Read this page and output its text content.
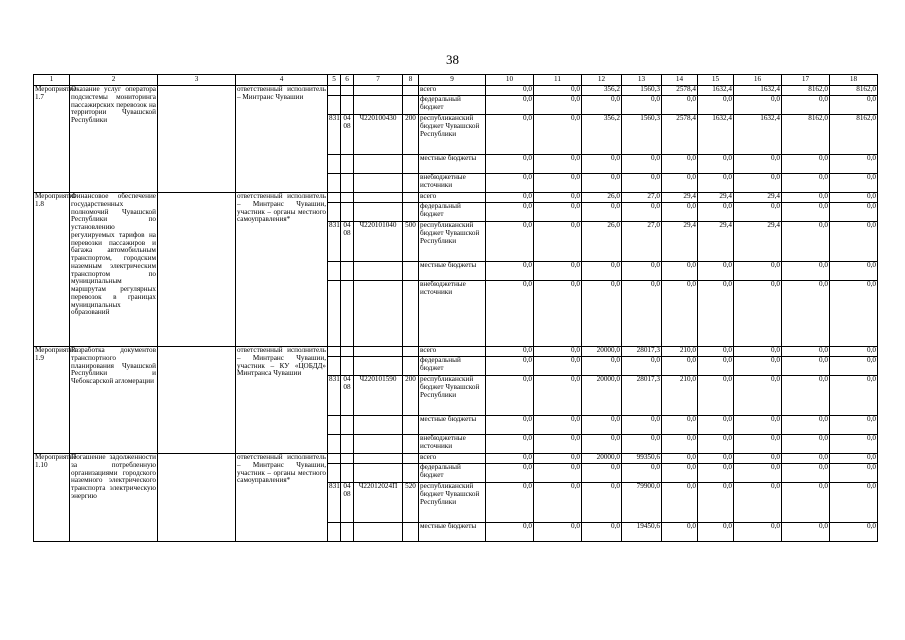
38
1	2	3	4	5	6	7	8	9	10	11	12	13	14	15	16	17	18
Мероприятие 1.7	Оказание услуг оператора подсистемы мониторинга пассажирских перевозок на территории Чувашской Республики		ответственный исполнитель – Минтранс Чувашии					всего	0,0	0,0	356,2	1560,3	2578,4	1632,4	1632,4	8162,0	8162,0
								федеральный бюджет	0,0	0,0	0,0	0,0	0,0	0,0	0,0	0,0	0,0
				831	04 08	Ч220100430	200	республиканский бюджет Чувашской Республики	0,0	0,0	356,2	1560,3	2578,4	1632,4	1632,4	8162,0	8162,0
								местные бюджеты	0,0	0,0	0,0	0,0	0,0	0,0	0,0	0,0	0,0
								внебюджетные источники	0,0	0,0	0,0	0,0	0,0	0,0	0,0	0,0	0,0
Мероприятие 1.8	Финансовое обеспечение государственных полномочий Чувашской Республики по установлению регулируемых тарифов на перевозки пассажиров и багажа автомобильным транспортом, городским наземным электрическим транспортом по муниципальным маршрутам регулярных перевозок в границах муниципальных образований		ответственный исполнитель – Минтранс Чувашии, участник – органы местного самоуправления*					всего	0,0	0,0	26,0	27,0	29,4	29,4	29,4	0,0	0,0
								федеральный бюджет	0,0	0,0	0,0	0,0	0,0	0,0	0,0	0,0	0,0
				831	04 08	Ч220101040	500	республиканский бюджет Чувашской Республики	0,0	0,0	26,0	27,0	29,4	29,4	29,4	0,0	0,0
								местные бюджеты	0,0	0,0	0,0	0,0	0,0	0,0	0,0	0,0	0,0
								внебюджетные источники	0,0	0,0	0,0	0,0	0,0	0,0	0,0	0,0	0,0
Мероприятие 1.9	Разработка документов транспортного планирования Чувашской Республики и Чебоксарской агломерации		ответственный исполнитель – Минтранс Чувашии, участник – КУ «ЦОБДД» Минтранса Чувашии					всего	0,0	0,0	20000,0	28017,3	210,0	0,0	0,0	0,0	0,0
								федеральный бюджет	0,0	0,0	0,0	0,0	0,0	0,0	0,0	0,0	0,0
				831	04 08	Ч220101590	200	республиканский бюджет Чувашской Республики	0,0	0,0	20000,0	28017,3	210,0	0,0	0,0	0,0	0,0
								местные бюджеты	0,0	0,0	0,0	0,0	0,0	0,0	0,0	0,0	0,0
								внебюджетные источники	0,0	0,0	0,0	0,0	0,0	0,0	0,0	0,0	0,0
Мероприятие 1.10	Погашение задолженности за потребленную организациями городского наземного электрического транспорта электрическую энергию		ответственный исполнитель – Минтранс Чувашии, участник – органы местного самоуправления*					всего	0,0	0,0	20000,0	99350,6	0,0	0,0	0,0	0,0	0,0
								федеральный бюджет	0,0	0,0	0,0	0,0	0,0	0,0	0,0	0,0	0,0
				831	04 08	Ч22012024П	520	республиканский бюджет Чувашской Республики	0,0	0,0	0,0	79900,0	0,0	0,0	0,0	0,0	0,0
								местные бюджеты	0,0	0,0	0,0	19450,6	0,0	0,0	0,0	0,0	0,0
